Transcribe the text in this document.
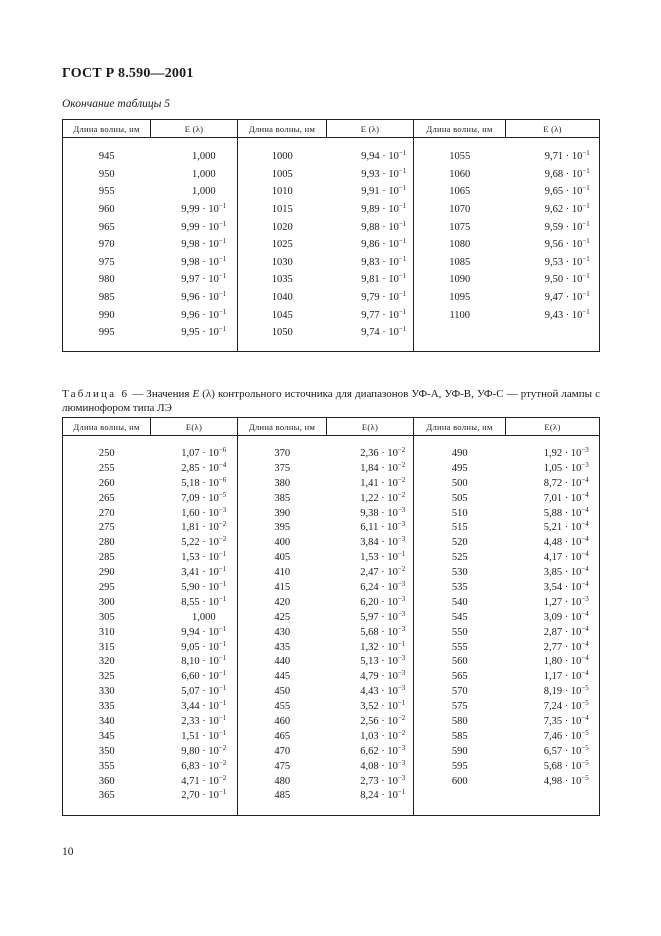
ГОСТ Р 8.590—2001
Окончание таблицы 5
Длина волны, нм	E (λ)	Длина волны, нм	E (λ)	Длина волны, нм	E (λ)

945	1,000	1000	$9,94 \cdot 10^{-1}$	1055	$9,71 \cdot 10^{-1}$
950	1,000	1005	$9,93 \cdot 10^{-1}$	1060	$9,68 \cdot 10^{-1}$
955	1,000	1010	$9,91 \cdot 10^{-1}$	1065	$9,65 \cdot 10^{-1}$
960	$9,99 \cdot 10^{-1}$	1015	$9,89 \cdot 10^{-1}$	1070	$9,62 \cdot 10^{-1}$
965	$9,99 \cdot 10^{-1}$	1020	$9,88 \cdot 10^{-1}$	1075	$9,59 \cdot 10^{-1}$
970	$9,98 \cdot 10^{-1}$	1025	$9,86 \cdot 10^{-1}$	1080	$9,56 \cdot 10^{-1}$
975	$9,98 \cdot 10^{-1}$	1030	$9,83 \cdot 10^{-1}$	1085	$9,53 \cdot 10^{-1}$
980	$9,97 \cdot 10^{-1}$	1035	$9,81 \cdot 10^{-1}$	1090	$9,50 \cdot 10^{-1}$
985	$9,96 \cdot 10^{-1}$	1040	$9,79 \cdot 10^{-1}$	1095	$9,47 \cdot 10^{-1}$
990	$9,96 \cdot 10^{-1}$	1045	$9,77 \cdot 10^{-1}$	1100	$9,43 \cdot 10^{-1}$
995	$9,95 \cdot 10^{-1}$	1050	$9,74 \cdot 10^{-1}$		

Таблица 6 — Значения E (λ) контрольного источника для диапазонов УФ-А, УФ-В, УФ-С — ртутной лампы с люминофором типа ЛЭ
Длина волны, нм	E(λ)	Длина волны, нм	E(λ)	Длина волны, нм	E(λ)

250	$1,07 \cdot 10^{-6}$	370	$2,36 \cdot 10^{-2}$	490	$1,92 \cdot 10^{-3}$
255	$2,85 \cdot 10^{-4}$	375	$1,84 \cdot 10^{-2}$	495	$1,05 \cdot 10^{-3}$
260	$5,18 \cdot 10^{-6}$	380	$1,41 \cdot 10^{-2}$	500	$8,72 \cdot 10^{-4}$
265	$7,09 \cdot 10^{-5}$	385	$1,22 \cdot 10^{-2}$	505	$7,01 \cdot 10^{-4}$
270	$1,60 \cdot 10^{-3}$	390	$9,38 \cdot 10^{-3}$	510	$5,88 \cdot 10^{-4}$
275	$1,81 \cdot 10^{-2}$	395	$6,11 \cdot 10^{-3}$	515	$5,21 \cdot 10^{-4}$
280	$5,22 \cdot 10^{-2}$	400	$3,84 \cdot 10^{-3}$	520	$4,48 \cdot 10^{-4}$
285	$1,53 \cdot 10^{-1}$	405	$1,53 \cdot 10^{-1}$	525	$4,17 \cdot 10^{-4}$
290	$3,41 \cdot 10^{-1}$	410	$2,47 \cdot 10^{-2}$	530	$3,85 \cdot 10^{-4}$
295	$5,90 \cdot 10^{-1}$	415	$6,24 \cdot 10^{-3}$	535	$3,54 \cdot 10^{-4}$
300	$8,55 \cdot 10^{-1}$	420	$6,20 \cdot 10^{-3}$	540	$1,27 \cdot 10^{-3}$
305	1,000	425	$5,97 \cdot 10^{-3}$	545	$3,09 \cdot 10^{-4}$
310	$9,94 \cdot 10^{-1}$	430	$5,68 \cdot 10^{-3}$	550	$2,87 \cdot 10^{-4}$
315	$9,05 \cdot 10^{-1}$	435	$1,32 \cdot 10^{-1}$	555	$2,77 \cdot 10^{-4}$
320	$8,10 \cdot 10^{-1}$	440	$5,13 \cdot 10^{-3}$	560	$1,80 \cdot 10^{-4}$
325	$6,60 \cdot 10^{-1}$	445	$4,79 \cdot 10^{-3}$	565	$1,17 \cdot 10^{-4}$
330	$5,07 \cdot 10^{-1}$	450	$4,43 \cdot 10^{-3}$	570	$8,19 \cdot 10^{-5}$
335	$3,44 \cdot 10^{-1}$	455	$3,52 \cdot 10^{-1}$	575	$7,24 \cdot 10^{-5}$
340	$2,33 \cdot 10^{-1}$	460	$2,56 \cdot 10^{-2}$	580	$7,35 \cdot 10^{-4}$
345	$1,51 \cdot 10^{-1}$	465	$1,03 \cdot 10^{-2}$	585	$7,46 \cdot 10^{-5}$
350	$9,80 \cdot 10^{-2}$	470	$6,62 \cdot 10^{-3}$	590	$6,57 \cdot 10^{-5}$
355	$6,83 \cdot 10^{-2}$	475	$4,08 \cdot 10^{-3}$	595	$5,68 \cdot 10^{-5}$
360	$4,71 \cdot 10^{-2}$	480	$2,73 \cdot 10^{-3}$	600	$4,98 \cdot 10^{-5}$
365	$2,70 \cdot 10^{-1}$	485	$8,24 \cdot 10^{-1}$		

10
